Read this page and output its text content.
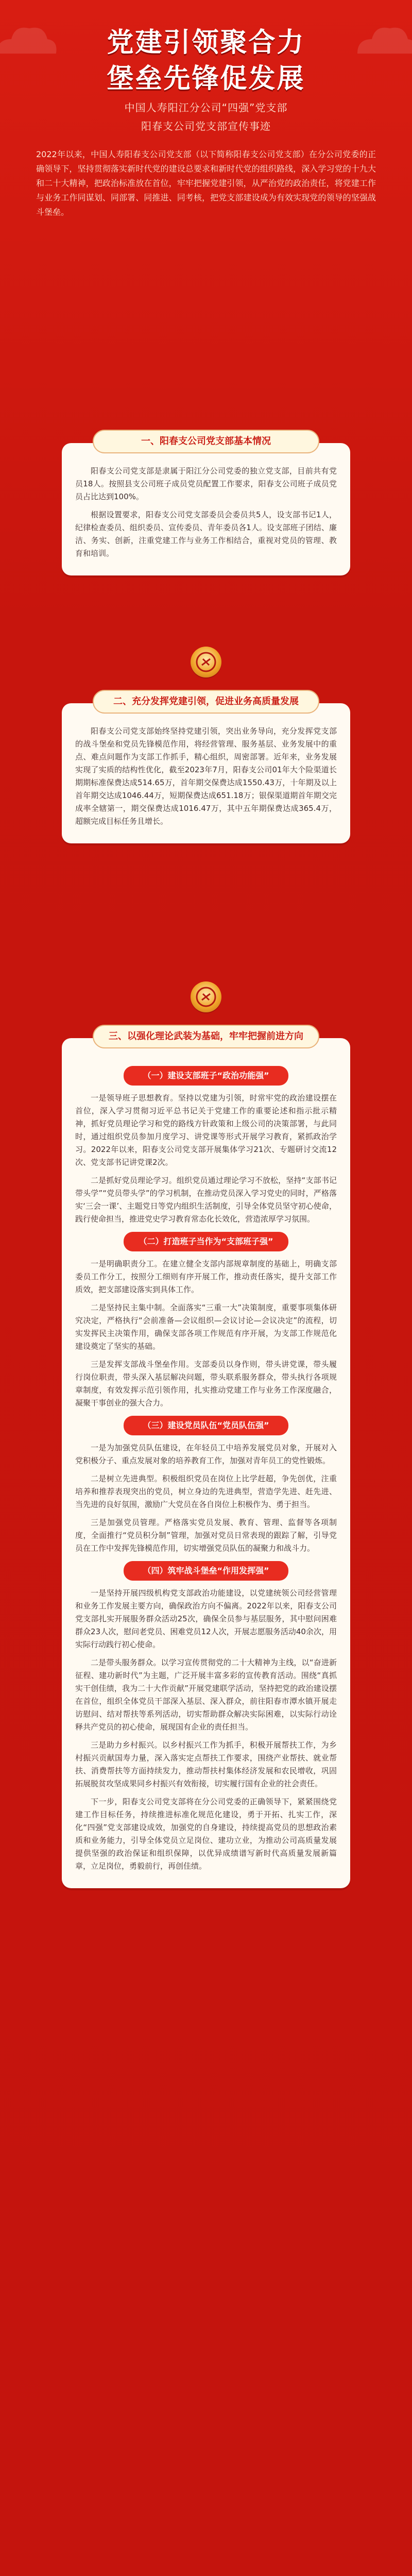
党建引领聚合力
堡垒先锋促发展

中国人寿阳江分公司“四强”党支部

阳春支公司党支部宣传事迹

2022年以来，中国人寿阳春支公司党支部（以下简称阳春支公司党支部）在分公司党委的正确领导下，坚持贯彻落实新时代党的建设总要求和新时代党的组织路线，深入学习党的十九大和二十大精神，把政治标准放在首位，牢牢把握党建引领，从严治党的政治责任，将党建工作与业务工作同谋划、同部署、同推进、同考核，把党支部建设成为有效实现党的领导的坚强战斗堡垒。

一、阳春支公司党支部基本情况

阳春支公司党支部是隶属于阳江分公司党委的独立党支部，目前共有党员18人。按照县支公司班子成员党员配置工作要求，阳春支公司班子成员党员占比达到100%。

根据设置要求，阳春支公司党支部委员会委员共5人，设支部书记1人，纪律检查委员、组织委员、宣传委员、青年委员各1人。设支部班子团结、廉洁、务实、创新，注重党建工作与业务工作相结合，重视对党员的管理、教育和培训。

二、充分发挥党建引领，促进业务高质量发展

阳春支公司党支部始终坚持党建引领，突出业务导向，充分发挥党支部的战斗堡垒和党员先锋模范作用，将经营管理、服务基层、业务发展中的重点、难点问题作为支部工作抓手，精心组织，周密部署。近年来，业务发展实现了实质的结构性优化，截至2023年7月，阳春支公司01年大个险渠道长期期标准保费达成514.65万，首年期交保费达成1550.43万，十年期及以上首年期交达成1046.44万，短期保费达成651.18万；银保渠道期首年期交完成率全辖第一，期交保费达成1016.47万，其中五年期保费达成365.4万，超额完成目标任务且增长。

三、以强化理论武装为基础，牢牢把握前进方向
（一）建设支部班子“政治功能强”

一是领导班子思想教育。坚持以党建为引领，时常牢党的政治建设摆在首位，深入学习贯彻习近平总书记关于党建工作的重要论述和指示批示精神，抓好党员理论学习和党的路线方针政策和上级公司的决策部署，与此同时，通过组织党员参加月度学习、讲党课等形式开展学习教育，紧抓政治学习。2022年以来，阳春支公司党支部开展集体学习21次、专题研讨交流12次、党支部书记讲党课2次。

二是抓好党员理论学习。组织党员通过理论学习不放松，坚持“支部书记带头学”“党员带头学”的学习机制，在推动党员深入学习党史的同时，严格落实‘三会一课’、主题党日等党内组织生活制度，引导全体党员坚守初心使命，践行使命担当，推进党史学习教育常态化长效化，营造浓厚学习氛围。

（二）打造班子当作为“支部班子强”

一是明确职责分工。在建立健全支部内部规章制度的基础上，明确支部委员工作分工，按照分工细则有序开展工作，推动责任落实，提升支部工作质效，把支部建设落实到具体工作。

二是坚持民主集中制。全面落实“三重一大”决策制度，重要事项集体研究决定，严格执行“会前准备—会议组织—会议讨论—会议决定”的流程，切实发挥民主决策作用，确保支部各项工作规范有序开展，为支部工作规范化建设奠定了坚实的基础。

三是发挥支部战斗堡垒作用。支部委员以身作则，带头讲党课，带头履行岗位职责，带头深入基层解决问题，带头联系服务群众，带头执行各项规章制度，有效发挥示范引领作用，扎实推动党建工作与业务工作深度融合，凝聚干事创业的强大合力。

（三）建设党员队伍“党员队伍强”

一是为加强党员队伍建设，在年轻员工中培养发展党员对象，开展对入党积极分子、重点发展对象的培养教育工作，加强对青年员工的党性锻炼。

二是树立先进典型。积极组织党员在岗位上比学赶超，争先创优，注重培养和推荐表现突出的党员，树立身边的先进典型，营造学先进、赶先进、当先进的良好氛围，激励广大党员在各自岗位上积极作为、勇于担当。

三是加强党员管理。严格落实党员发展、教育、管理、监督等各项制度，全面推行“党员积分制”管理，加强对党员日常表现的跟踪了解，引导党员在工作中发挥先锋模范作用，切实增强党员队伍的凝聚力和战斗力。

（四）筑牢战斗堡垒“作用发挥强”

一是坚持开展四级机构党支部政治功能建设，以党建统领公司经营管理和业务工作发展主要方向，确保政治方向不偏离。2022年以来，阳春支公司党支部扎实开展服务群众活动25次，确保全员参与基层服务，其中慰问困难群众23人次，慰问老党员、困难党员12人次，开展志愿服务活动40余次，用实际行动践行初心使命。

二是带头服务群众。以学习宣传贯彻党的二十大精神为主线，以“奋进新征程、建功新时代”为主题，广泛开展丰富多彩的宣传教育活动。围绕“真抓实干创佳绩，我为二十大作贡献”开展党建联学活动，坚持把党的政治建设摆在首位，组织全体党员干部深入基层、深入群众，前往阳春市潭水镇开展走访慰问、结对帮扶等系列活动，切实帮助群众解决实际困难，以实际行动诠释共产党员的初心使命，展现国有企业的责任担当。

三是助力乡村振兴。以乡村振兴工作为抓手，积极开展帮扶工作，为乡村振兴贡献国寿力量，深入落实定点帮扶工作要求，围绕产业帮扶、就业帮扶、消费帮扶等方面持续发力，推动帮扶村集体经济发展和农民增收，巩固拓展脱贫攻坚成果同乡村振兴有效衔接，切实履行国有企业的社会责任。

下一步，阳春支公司党支部将在分公司党委的正确领导下，紧紧围绕党建工作目标任务，持续推进标准化规范化建设，勇于开拓、扎实工作，深化“四强”党支部建设成效，加强党的自身建设，持续提高党员的思想政治素质和业务能力，引导全体党员立足岗位、建功立业，为推动公司高质量发展提供坚强的政治保证和组织保障，以优异成绩谱写新时代高质量发展新篇章，立足岗位，勇毅前行，再创佳绩。
